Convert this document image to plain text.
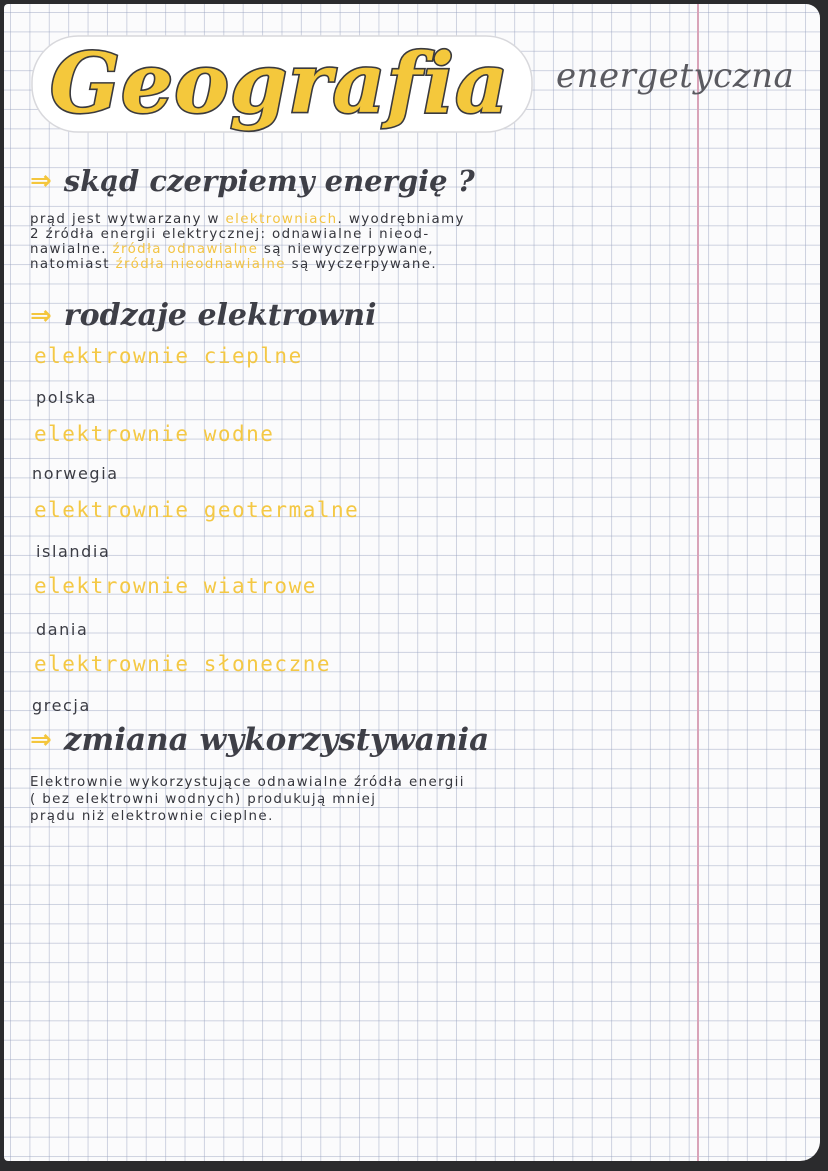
Geografia energetyczna
⇒ skąd czerpiemy energię ?
prąd jest wytwarzany w elektrowniach. wyodrębniamy
2 źródła energii elektrycznej: odnawialne i nieod-
nawialne. źródła odnawialne są niewyczerpywane,
natomiast źródła nieodnawialne są wyczerpywane.
⇒ rodzaje elektrowni
elektrownie cieplne
polska
elektrownie wodne
norwegia
elektrownie geotermalne
islandia
elektrownie wiatrowe
dania
elektrownie słoneczne
grecja
⇒ zmiana wykorzystywania
Elektrownie wykorzystujące odnawialne źródła energii
( bez elektrowni wodnych) produkują mniej
prądu niż elektrownie cieplne.
